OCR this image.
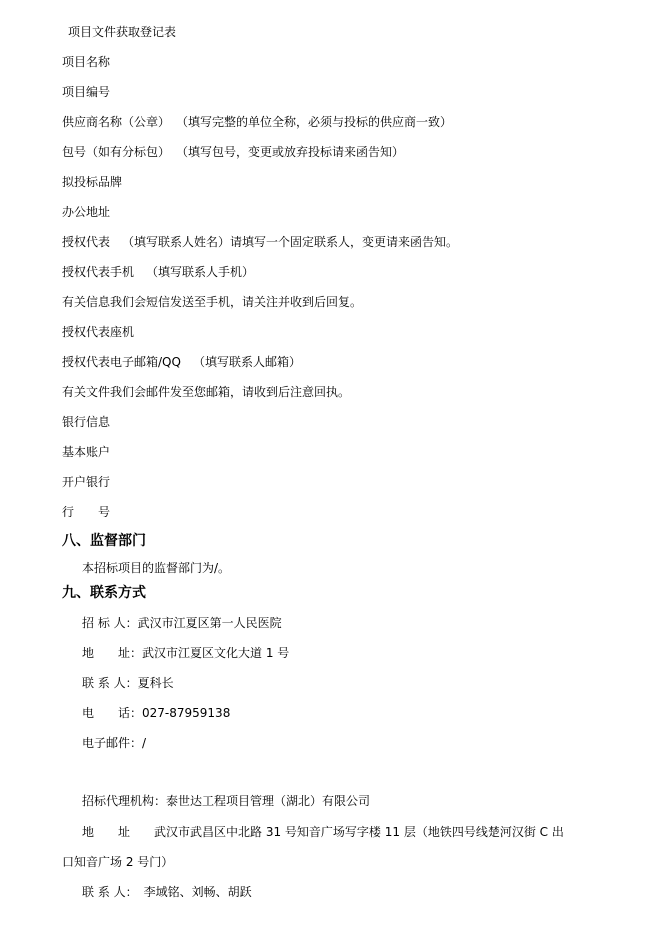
项目文件获取登记表
项目名称
项目编号
供应商名称（公章） （填写完整的单位全称，必须与投标的供应商一致）
包号（如有分标包） （填写包号，变更或放弃投标请来函告知）
拟投标品牌
办公地址
授权代表 （填写联系人姓名）请填写一个固定联系人，变更请来函告知。
授权代表手机 （填写联系人手机）
有关信息我们会短信发送至手机，请关注并收到后回复。
授权代表座机
授权代表电子邮箱/QQ （填写联系人邮箱）
有关文件我们会邮件发至您邮箱，请收到后注意回执。
银行信息
基本账户
开户银行
行　　号
八、监督部门
本招标项目的监督部门为/。
九、联系方式
招 标 人：武汉市江夏区第一人民医院
地　　址：武汉市江夏区文化大道 1 号
联 系 人：夏科长
电　　话：027-87959138
电子邮件：/
招标代理机构：泰世达工程项目管理（湖北）有限公司
地　　址 武汉市武昌区中北路 31 号知音广场写字楼 11 层（地铁四号线楚河汉街 C 出
口知音广场 2 号门）
联 系 人： 李域铭、刘畅、胡跃
